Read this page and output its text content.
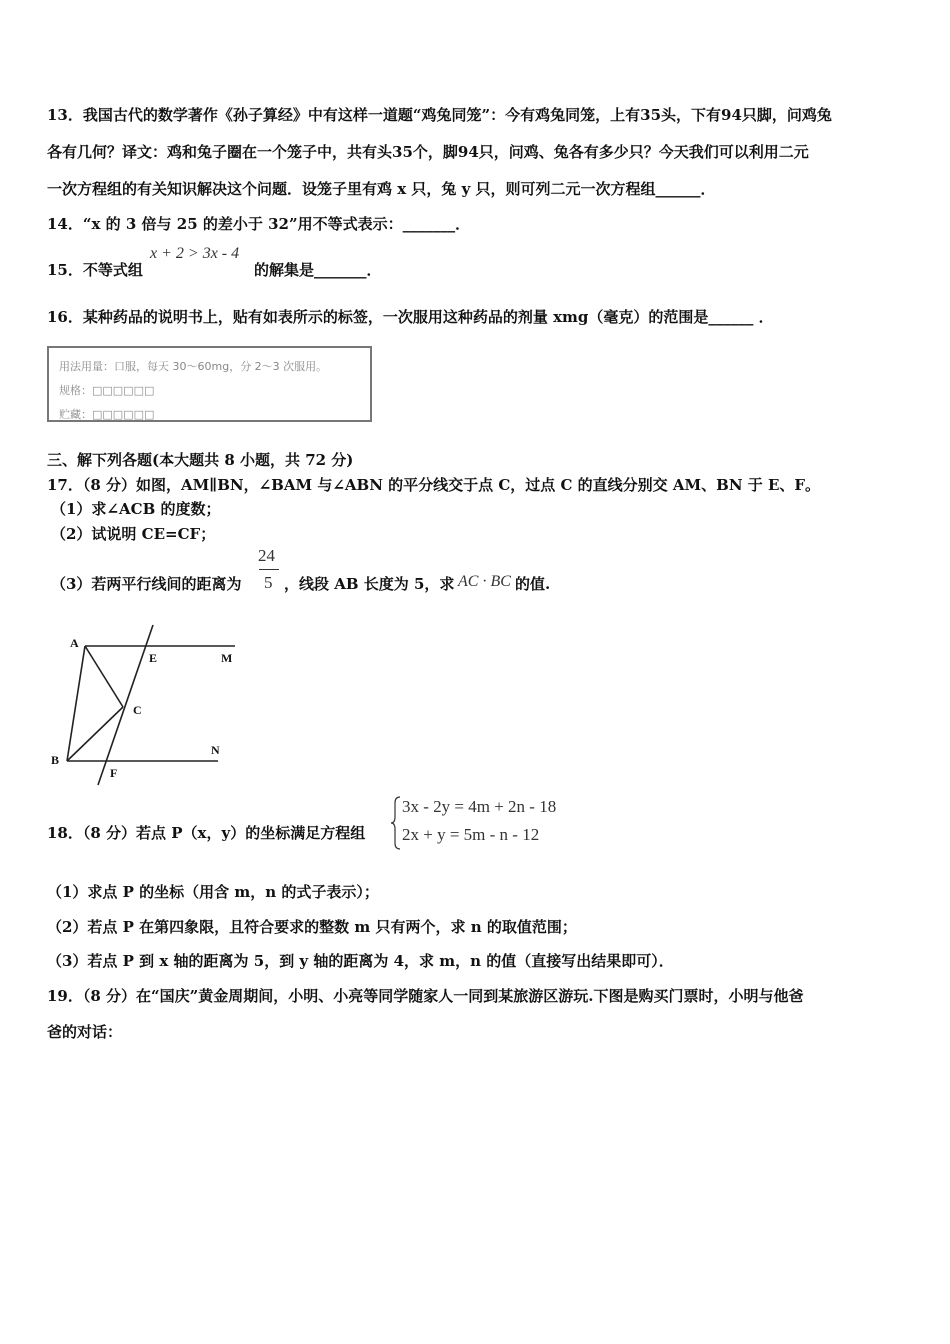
13．我国古代的数学著作《孙子算经》中有这样一道题“鸡兔同笼”：今有鸡兔同笼，上有35头，下有94只脚，问鸡兔
各有几何？译文：鸡和兔子圈在一个笼子中，共有头35个，脚94只，问鸡、兔各有多少只？今天我们可以利用二元
一次方程组的有关知识解决这个问题．设笼子里有鸡 x 只，兔 y 只，则可列二元一次方程组______．
14．“x 的 3 倍与 25 的差小于 32”用不等式表示：_______．
15．不等式组
x + 2 > 3x - 4
的解集是_______．
16．某种药品的说明书上，贴有如表所示的标签，一次服用这种药品的剂量 xmg（毫克）的范围是______ ．
用法用量：口服，每天 30～60mg，分 2～3 次服用。
规格：□□□□□□
贮藏：□□□□□□
三、解下列各题(本大题共 8 小题，共 72 分)
17．（8 分）如图，AM∥BN，∠BAM 与∠ABN 的平分线交于点 C，过点 C 的直线分别交 AM、BN 于 E、F。
（1）求∠ACB 的度数；
（2）试说明 CE=CF；
（3）若两平行线间的距离为
24
5 ，线段 AB 长度为 5，求 AC · BC 的值.
A
E	M
C
N
B
F
18．（8 分）若点 P（x，y）的坐标满足方程组
3x - 2y = 4m + 2n - 18
2x + y = 5m - n - 12
（1）求点 P 的坐标（用含 m，n 的式子表示）；
（2）若点 P 在第四象限，且符合要求的整数 m 只有两个，求 n 的取值范围；
（3）若点 P 到 x 轴的距离为 5，到 y 轴的距离为 4，求 m，n 的值（直接写出结果即可）．
19．（8 分）在“国庆”黄金周期间，小明、小亮等同学随家人一同到某旅游区游玩.下图是购买门票时，小明与他爸
爸的对话：
